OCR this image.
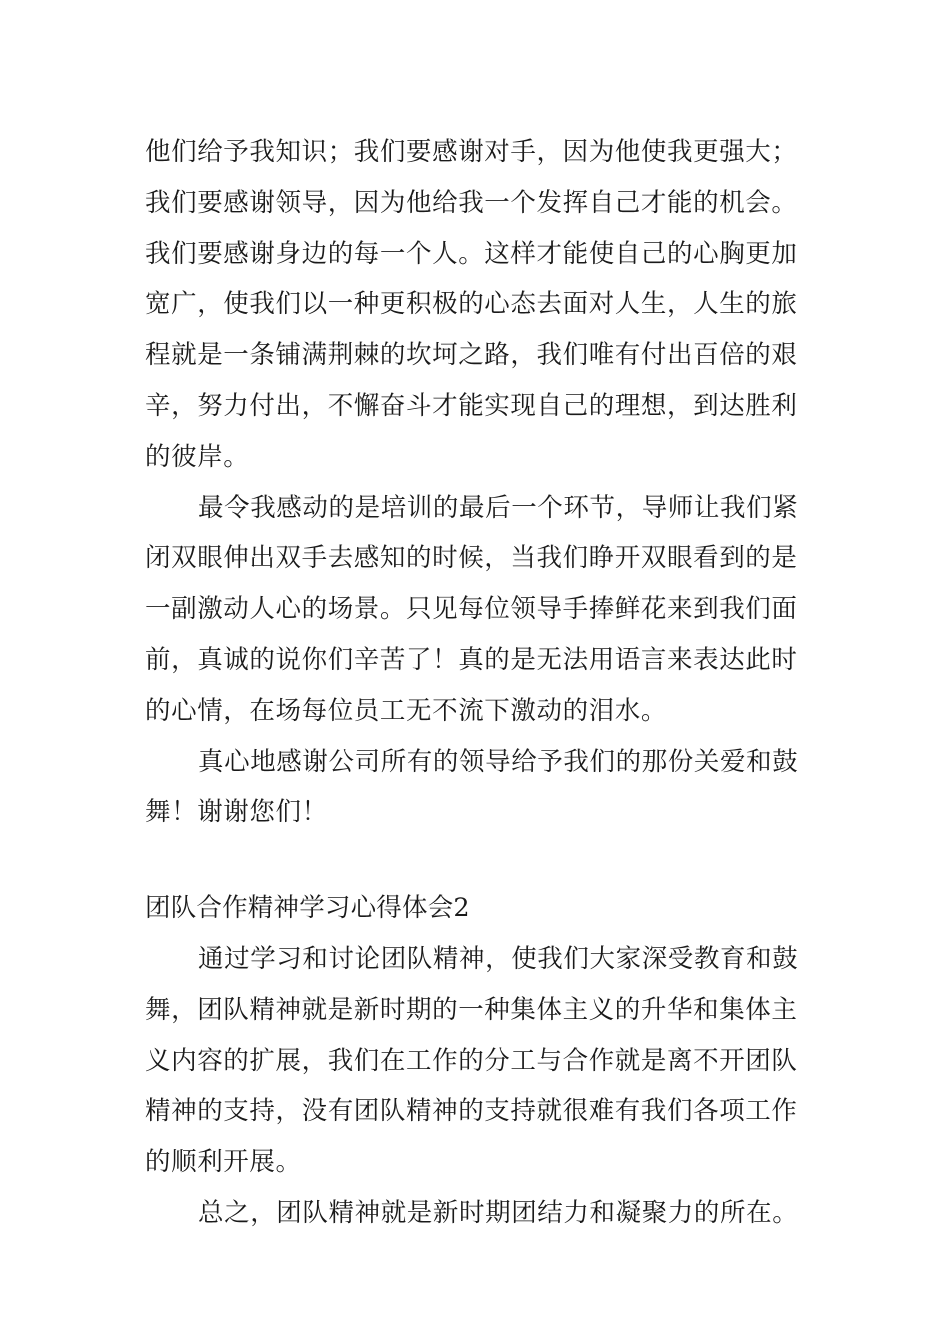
他们给予我知识；我们要感谢对手，因为他使我更强大；
我们要感谢领导，因为他给我一个发挥自己才能的机会。
我们要感谢身边的每一个人。这样才能使自己的心胸更加
宽广，使我们以一种更积极的心态去面对人生，人生的旅
程就是一条铺满荆棘的坎坷之路，我们唯有付出百倍的艰
辛，努力付出，不懈奋斗才能实现自己的理想，到达胜利
的彼岸。
最令我感动的是培训的最后一个环节，导师让我们紧
闭双眼伸出双手去感知的时候，当我们睁开双眼看到的是
一副激动人心的场景。只见每位领导手捧鲜花来到我们面
前，真诚的说你们辛苦了！真的是无法用语言来表达此时
的心情，在场每位员工无不流下激动的泪水。
真心地感谢公司所有的领导给予我们的那份关爱和鼓
舞！谢谢您们！
团队合作精神学习心得体会2
通过学习和讨论团队精神，使我们大家深受教育和鼓
舞，团队精神就是新时期的一种集体主义的升华和集体主
义内容的扩展，我们在工作的分工与合作就是离不开团队
精神的支持，没有团队精神的支持就很难有我们各项工作
的顺利开展。
总之，团队精神就是新时期团结力和凝聚力的所在。
